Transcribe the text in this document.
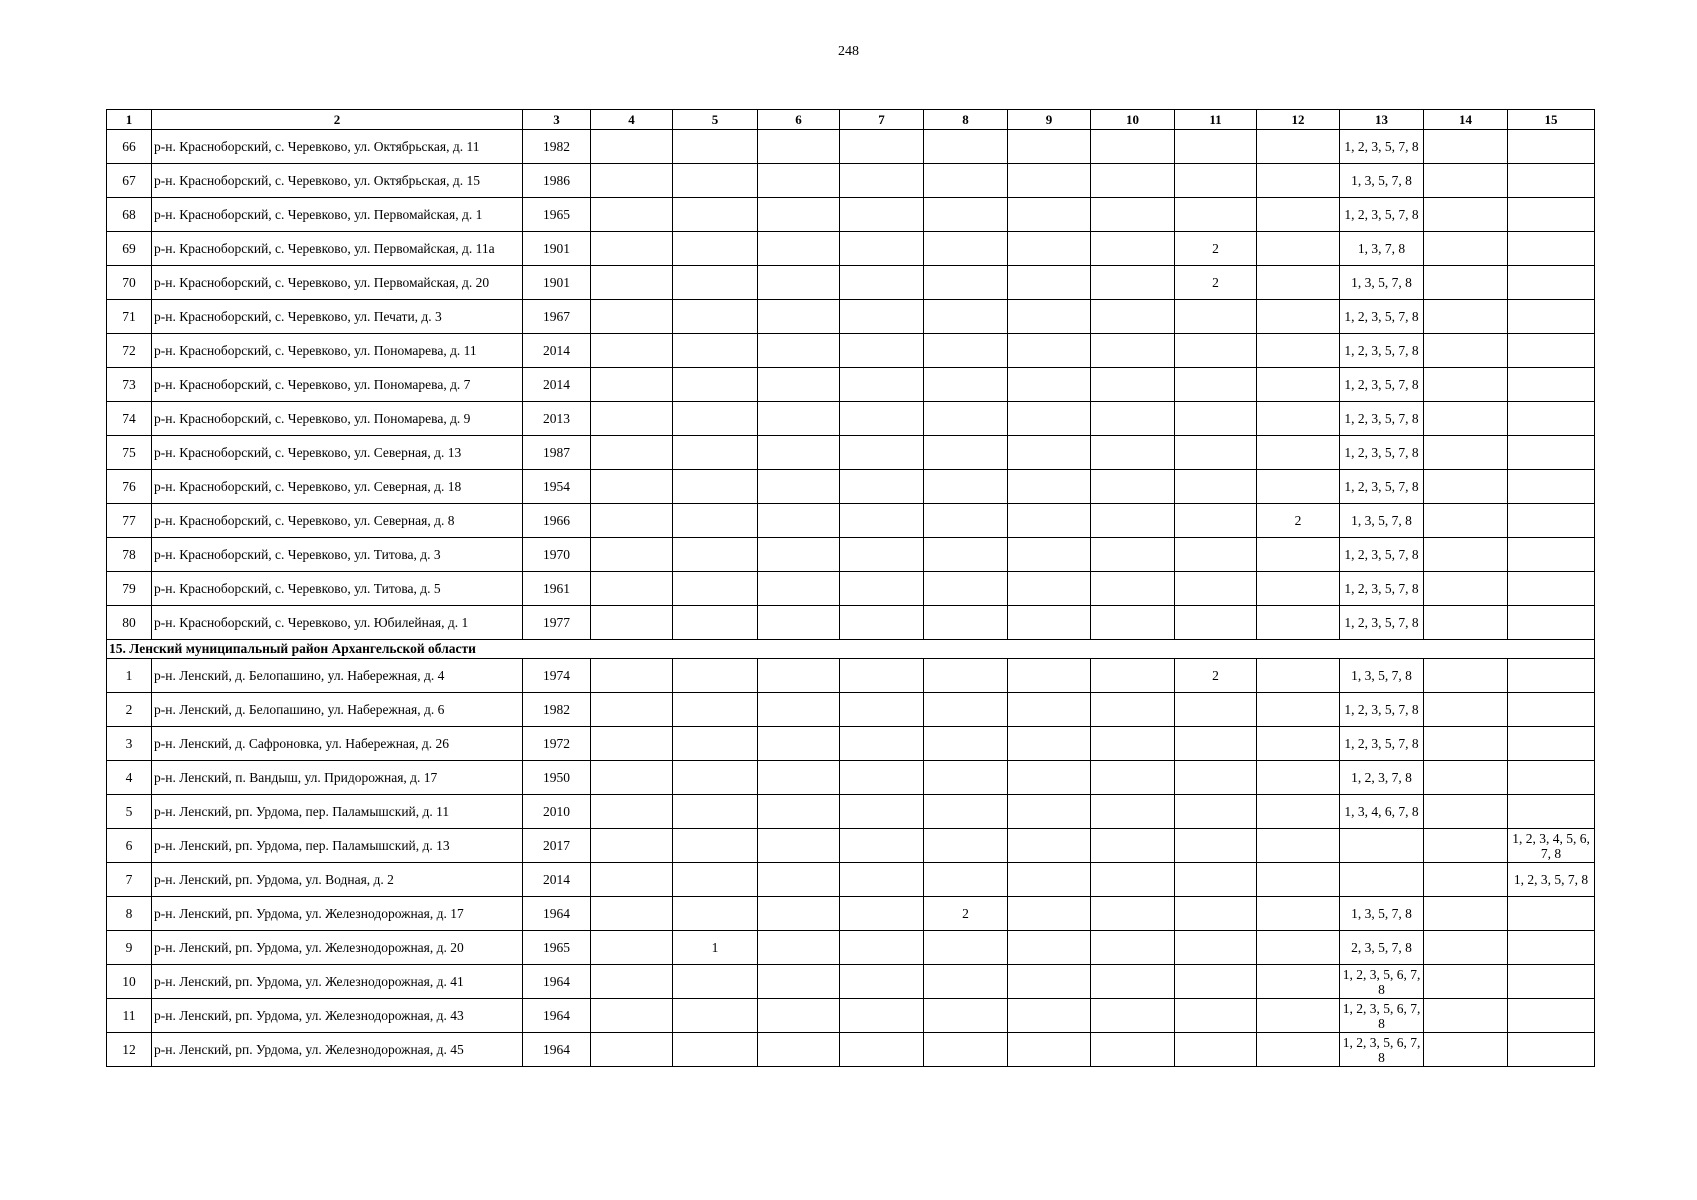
248
1	2	3	4	5	6	7	8	9	10	11	12	13	14	15
66	р-н. Красноборский, с. Черевково, ул. Октябрьская, д. 11	1982										1, 2, 3, 5, 7, 8		
67	р-н. Красноборский, с. Черевково, ул. Октябрьская, д. 15	1986										1, 3, 5, 7, 8		
68	р-н. Красноборский, с. Черевково, ул. Первомайская, д. 1	1965										1, 2, 3, 5, 7, 8		
69	р-н. Красноборский, с. Черевково, ул. Первомайская, д. 11а	1901								2		1, 3, 7, 8		
70	р-н. Красноборский, с. Черевково, ул. Первомайская, д. 20	1901								2		1, 3, 5, 7, 8		
71	р-н. Красноборский, с. Черевково, ул. Печати, д. 3	1967										1, 2, 3, 5, 7, 8		
72	р-н. Красноборский, с. Черевково, ул. Пономарева, д. 11	2014										1, 2, 3, 5, 7, 8		
73	р-н. Красноборский, с. Черевково, ул. Пономарева, д. 7	2014										1, 2, 3, 5, 7, 8		
74	р-н. Красноборский, с. Черевково, ул. Пономарева, д. 9	2013										1, 2, 3, 5, 7, 8		
75	р-н. Красноборский, с. Черевково, ул. Северная, д. 13	1987										1, 2, 3, 5, 7, 8		
76	р-н. Красноборский, с. Черевково, ул. Северная, д. 18	1954										1, 2, 3, 5, 7, 8		
77	р-н. Красноборский, с. Черевково, ул. Северная, д. 8	1966									2	1, 3, 5, 7, 8		
78	р-н. Красноборский, с. Черевково, ул. Титова, д. 3	1970										1, 2, 3, 5, 7, 8		
79	р-н. Красноборский, с. Черевково, ул. Титова, д. 5	1961										1, 2, 3, 5, 7, 8		
80	р-н. Красноборский, с. Черевково, ул. Юбилейная, д. 1	1977										1, 2, 3, 5, 7, 8		
15. Ленский муниципальный район Архангельской области														
1	р-н. Ленский, д. Белопашино, ул. Набережная, д. 4	1974								2		1, 3, 5, 7, 8		
2	р-н. Ленский, д. Белопашино, ул. Набережная, д. 6	1982										1, 2, 3, 5, 7, 8		
3	р-н. Ленский, д. Сафроновка, ул. Набережная, д. 26	1972										1, 2, 3, 5, 7, 8		
4	р-н. Ленский, п. Вандыш, ул. Придорожная, д. 17	1950										1, 2, 3, 7, 8		
5	р-н. Ленский, рп. Урдома, пер. Паламышский, д. 11	2010										1, 3, 4, 6, 7, 8		
6	р-н. Ленский, рп. Урдома, пер. Паламышский, д. 13	2017												1, 2, 3, 4, 5, 6, 7, 8
7	р-н. Ленский, рп. Урдома, ул. Водная, д. 2	2014												1, 2, 3, 5, 7, 8
8	р-н. Ленский, рп. Урдома, ул. Железнодорожная, д. 17	1964					2					1, 3, 5, 7, 8		
9	р-н. Ленский, рп. Урдома, ул. Железнодорожная, д. 20	1965		1								2, 3, 5, 7, 8		
10	р-н. Ленский, рп. Урдома, ул. Железнодорожная, д. 41	1964										1, 2, 3, 5, 6, 7, 8		
11	р-н. Ленский, рп. Урдома, ул. Железнодорожная, д. 43	1964										1, 2, 3, 5, 6, 7, 8		
12	р-н. Ленский, рп. Урдома, ул. Железнодорожная, д. 45	1964										1, 2, 3, 5, 6, 7, 8		
